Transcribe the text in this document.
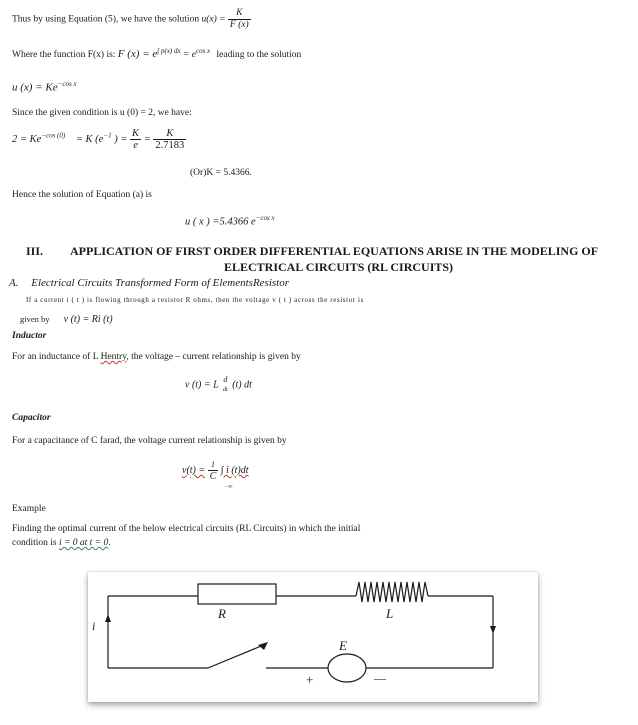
Thus by using Equation (5), we have the solution $u(x) = \frac{K}{F (x)}$
Where the function F(x) is: F $(x) = e^{\int p(x) dx} = e^{cos x}$ leading to the solution
u $(x) = Ke^{-cos x}$
Since the given condition is u (0) = 2, we have:
$2 = Ke^{-cos (0)} = K$ ($e^{-1}$ ) = $\frac{K}{e} = \frac{K}{2.7183}$
(Or)K = 5.4366.
Hence the solution of Equation (a) is
u ( x ) =5.4366 $e^{-cos x}$
III. APPLICATION OF FIRST ORDER DIFFERENTIAL EQUATIONS ARISE IN THE MODELING OF
ELECTRICAL CIRCUITS (RL CIRCUITS)
A. Electrical Circuits Transformed Form of ElementsResistor
If a current i ( t ) is flowing through a resistor R ohms, then the voltage v ( t ) across the resistor is
given by v (t) = Ri (t)
Inductor
For an inductance of L Hentry, the voltage – current relationship is given by
v (t) = L d
dt (t) dt
Capacitor
For a capacitance of C farad, the voltage current relationship is given by
$v(t) = \frac{1}{C}$ ∫ i (t)dt
−∞
Example
Finding the optimal current of the below electrical circuits (RL Circuits) in which the initial
condition is i = 0 at t = 0.
i
R	L
E
+	—
